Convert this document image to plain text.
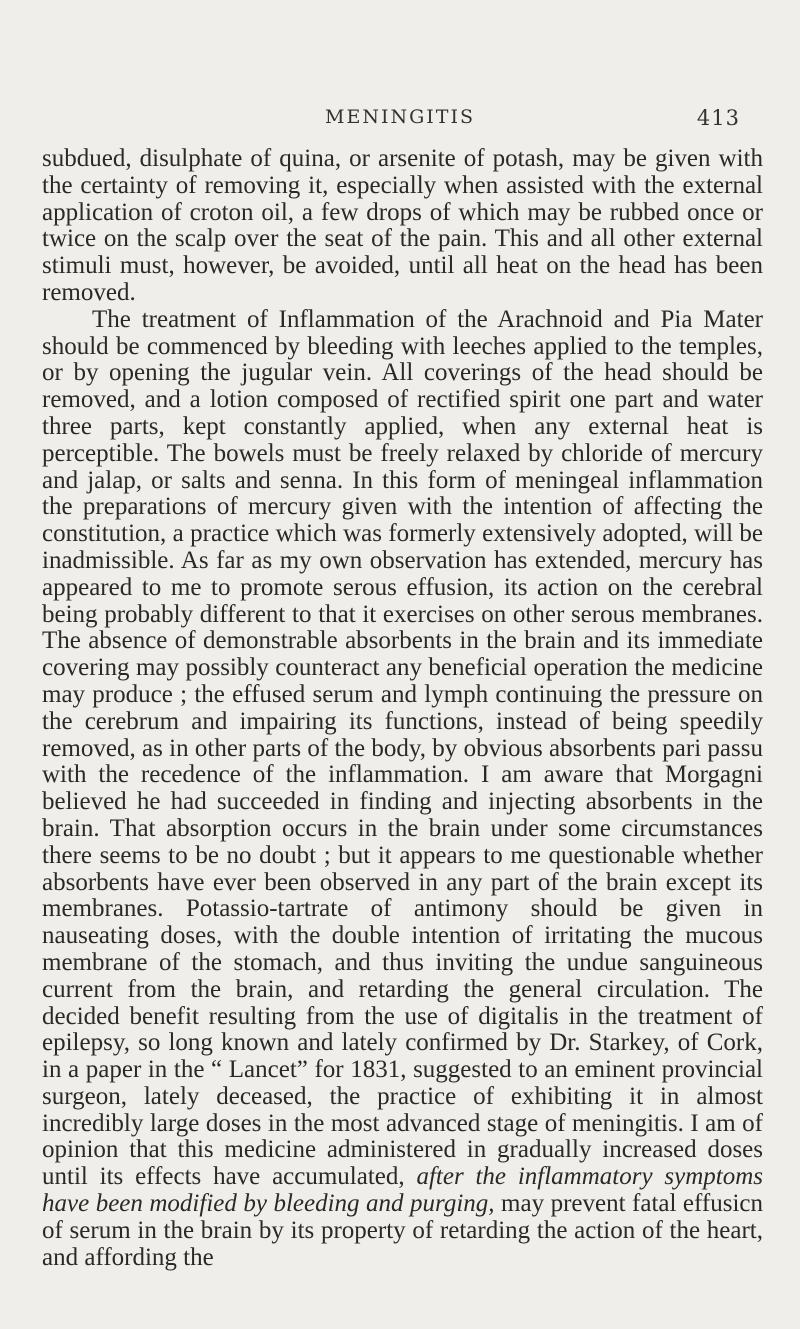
MENINGITIS	413

subdued, disulphate of quina, or arsenite of potash, may be given with the certainty of removing it, especially when assisted with the external application of croton oil, a few drops of which may be rubbed once or twice on the scalp over the seat of the pain. This and all other external stimuli must, however, be avoided, until all heat on the head has been removed.

The treatment of Inflammation of the Arachnoid and Pia Mater should be commenced by bleeding with leeches applied to the temples, or by opening the jugular vein. All coverings of the head should be removed, and a lotion composed of rectified spirit one part and water three parts, kept constantly applied, when any external heat is perceptible. The bowels must be freely relaxed by chloride of mercury and jalap, or salts and senna. In this form of meningeal inflammation the preparations of mercury given with the intention of affecting the constitution, a practice which was formerly extensively adopted, will be inadmissible. As far as my own observation has extended, mercury has appeared to me to promote serous effusion, its action on the cerebral being probably different to that it exercises on other serous membranes. The absence of demonstrable absorbents in the brain and its immediate covering may possibly counteract any beneficial operation the medicine may produce ; the effused serum and lymph continuing the pressure on the cerebrum and impairing its functions, instead of being speedily removed, as in other parts of the body, by obvious absorbents pari passu with the recedence of the inflammation. I am aware that Morgagni believed he had succeeded in finding and injecting absorbents in the brain. That absorption occurs in the brain under some circumstances there seems to be no doubt ; but it appears to me questionable whether absorbents have ever been observed in any part of the brain except its membranes. Potassio-tartrate of antimony should be given in nauseating doses, with the double intention of irritating the mucous membrane of the stomach, and thus inviting the undue sanguineous current from the brain, and retarding the general circulation. The decided benefit resulting from the use of digitalis in the treatment of epilepsy, so long known and lately confirmed by Dr. Starkey, of Cork, in a paper in the “ Lancet” for 1831, suggested to an eminent provincial surgeon, lately deceased, the practice of exhibiting it in almost incredibly large doses in the most advanced stage of meningitis. I am of opinion that this medicine administered in gradually increased doses until its effects have accumulated, after the inflammatory symptoms have been modified by bleeding and purging, may prevent fatal effusicn of serum in the brain by its property of retarding the action of the heart, and affording the
